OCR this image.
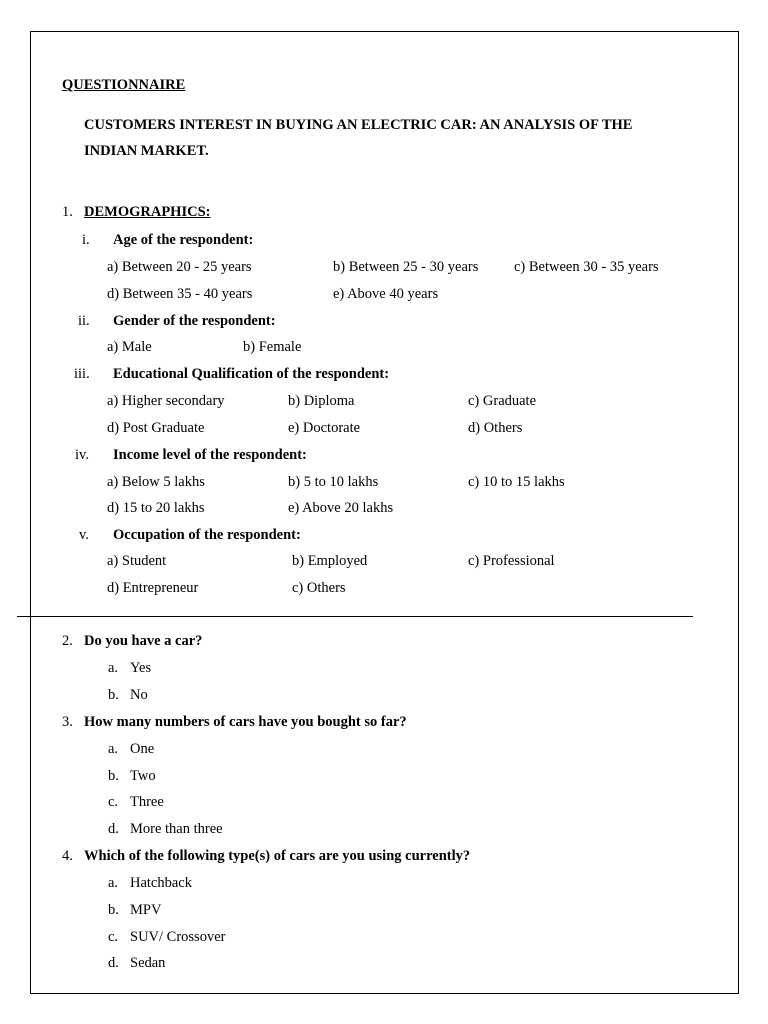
QUESTIONNAIRE
CUSTOMERS INTEREST IN BUYING AN ELECTRIC CAR: AN ANALYSIS OF THE INDIAN MARKET.
1. DEMOGRAPHICS:
i. Age of the respondent:
a) Between 20 - 25 years	b) Between 25 - 30 years c) Between 30 - 35 years
d) Between 35 - 40 years	e) Above 40 years
ii. Gender of the respondent:
a) Male	b) Female
iii. Educational Qualification of the respondent:
a) Higher secondary	b) Diploma	c) Graduate
d) Post Graduate	e) Doctorate	d) Others
iv. Income level of the respondent:
a) Below 5 lakhs	b) 5 to 10 lakhs	c) 10 to 15 lakhs
d) 15 to 20 lakhs	e) Above 20 lakhs
v. Occupation of the respondent:
a) Student	b) Employed	c) Professional
d) Entrepreneur	c) Others
2. Do you have a car?
a. Yes
b. No
3. How many numbers of cars have you bought so far?
a. One
b. Two
c. Three
d. More than three
4. Which of the following type(s) of cars are you using currently?
a. Hatchback
b. MPV
c. SUV/ Crossover
d. Sedan
